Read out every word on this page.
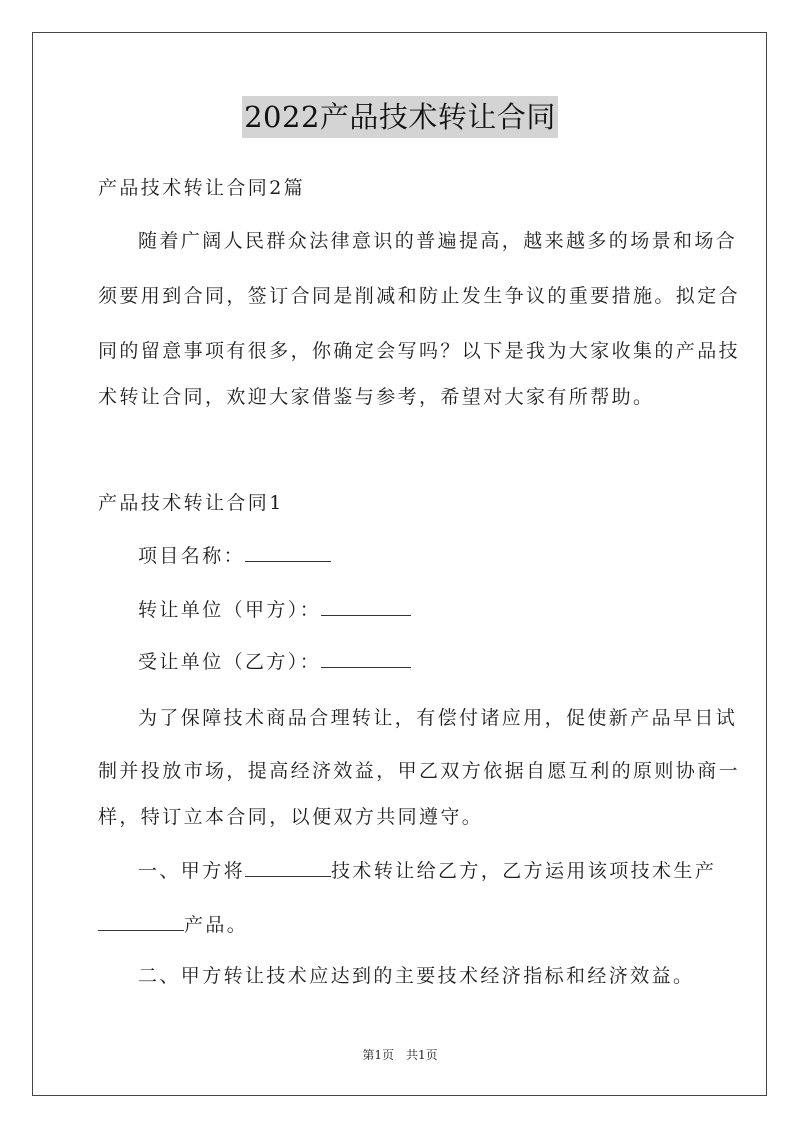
2022产品技术转让合同
产品技术转让合同2篇
随着广阔人民群众法律意识的普遍提高，越来越多的场景和场合
须要用到合同，签订合同是削减和防止发生争议的重要措施。拟定合
同的留意事项有很多，你确定会写吗？以下是我为大家收集的产品技
术转让合同，欢迎大家借鉴与参考，希望对大家有所帮助。
产品技术转让合同1
项目名称：
转让单位（甲方）：
受让单位（乙方）：
为了保障技术商品合理转让，有偿付诸应用，促使新产品早日试
制并投放市场，提高经济效益，甲乙双方依据自愿互利的原则协商一
样，特订立本合同，以便双方共同遵守。
一、甲方将	技术转让给乙方，乙方运用该项技术生产
产品。
二、甲方转让技术应达到的主要技术经济指标和经济效益。
第1页　共1页
